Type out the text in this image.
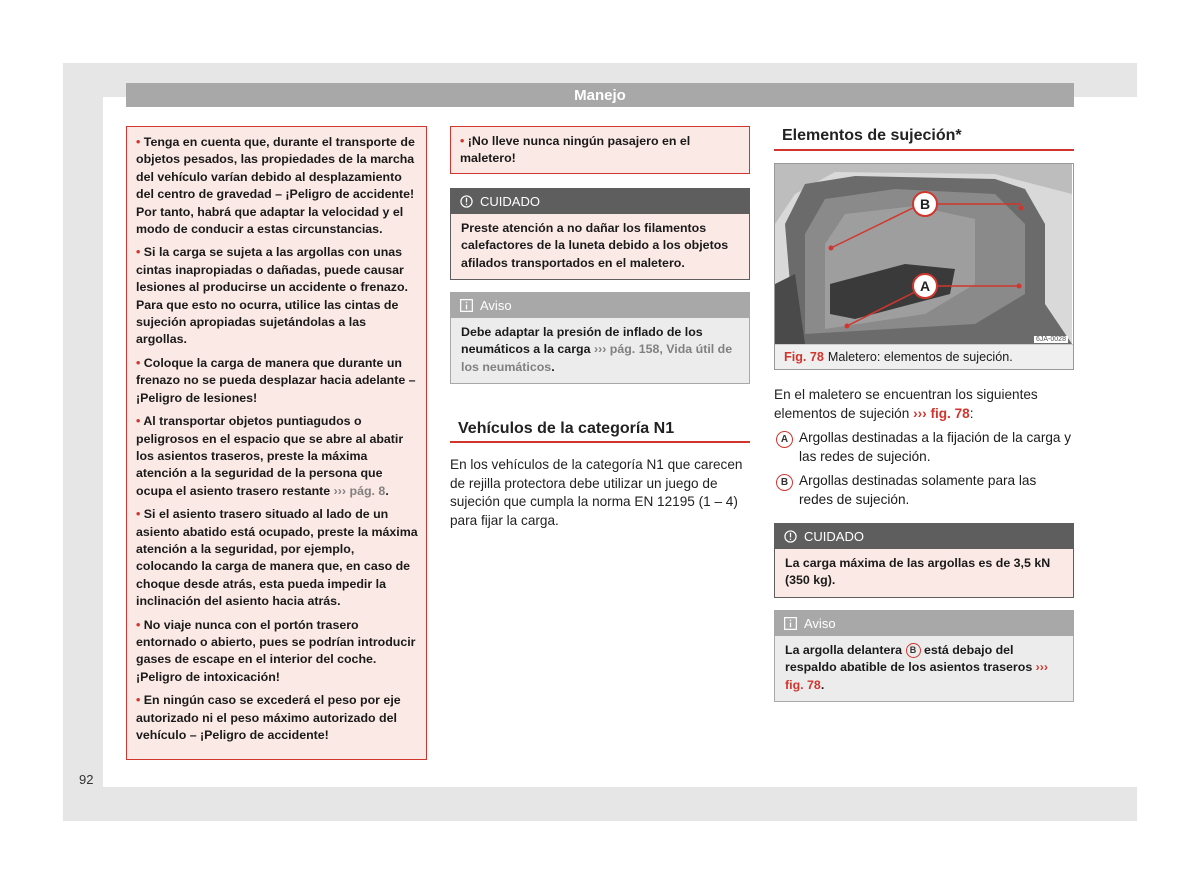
Manejo

• Tenga en cuenta que, durante el transporte de objetos pesados, las propiedades de la marcha del vehículo varían debido al desplazamiento del centro de gravedad – ¡Peligro de accidente! Por tanto, habrá que adaptar la velocidad y el modo de conducir a estas circunstancias.

• Si la carga se sujeta a las argollas con unas cintas inapropiadas o dañadas, puede causar lesiones al producirse un accidente o frenazo. Para que esto no ocurra, utilice las cintas de sujeción apropiadas sujetándolas a las argollas.

• Coloque la carga de manera que durante un frenazo no se pueda desplazar hacia adelante – ¡Peligro de lesiones!

• Al transportar objetos puntiagudos o peligrosos en el espacio que se abre al abatir los asientos traseros, preste la máxima atención a la seguridad de la persona que ocupa el asiento trasero restante ››› pág. 8.

• Si el asiento trasero situado al lado de un asiento abatido está ocupado, preste la máxima atención a la seguridad, por ejemplo, colocando la carga de manera que, en caso de choque desde atrás, esta pueda impedir la inclinación del asiento hacia atrás.

• No viaje nunca con el portón trasero entornado o abierto, pues se podrían introducir gases de escape en el interior del coche. ¡Peligro de intoxicación!

• En ningún caso se excederá el peso por eje autorizado ni el peso máximo autorizado del vehículo – ¡Peligro de accidente!

• ¡No lleve nunca ningún pasajero en el maletero!

CUIDADO
Preste atención a no dañar los filamentos calefactores de la luneta debido a los objetos afilados transportados en el maletero.
Aviso
Debe adaptar la presión de inflado de los neumáticos a la carga ››› pág. 158, Vida útil de los neumáticos.
Vehículos de la categoría N1
En los vehículos de la categoría N1 que carecen de rejilla protectora debe utilizar un juego de sujeción que cumpla la norma EN 12195 (1 – 4) para fijar la carga.
Elementos de sujeción*
B
A
6JA-0028
Fig. 78 Maletero: elementos de sujeción.
En el maletero se encuentran los siguientes elementos de sujeción ››› fig. 78:
A Argollas destinadas a la fijación de la carga y las redes de sujeción.
B Argollas destinadas solamente para las redes de sujeción.
CUIDADO
La carga máxima de las argollas es de 3,5 kN (350 kg).
Aviso
La argolla delantera B está debajo del respaldo abatible de los asientos traseros ››› fig. 78.
92
